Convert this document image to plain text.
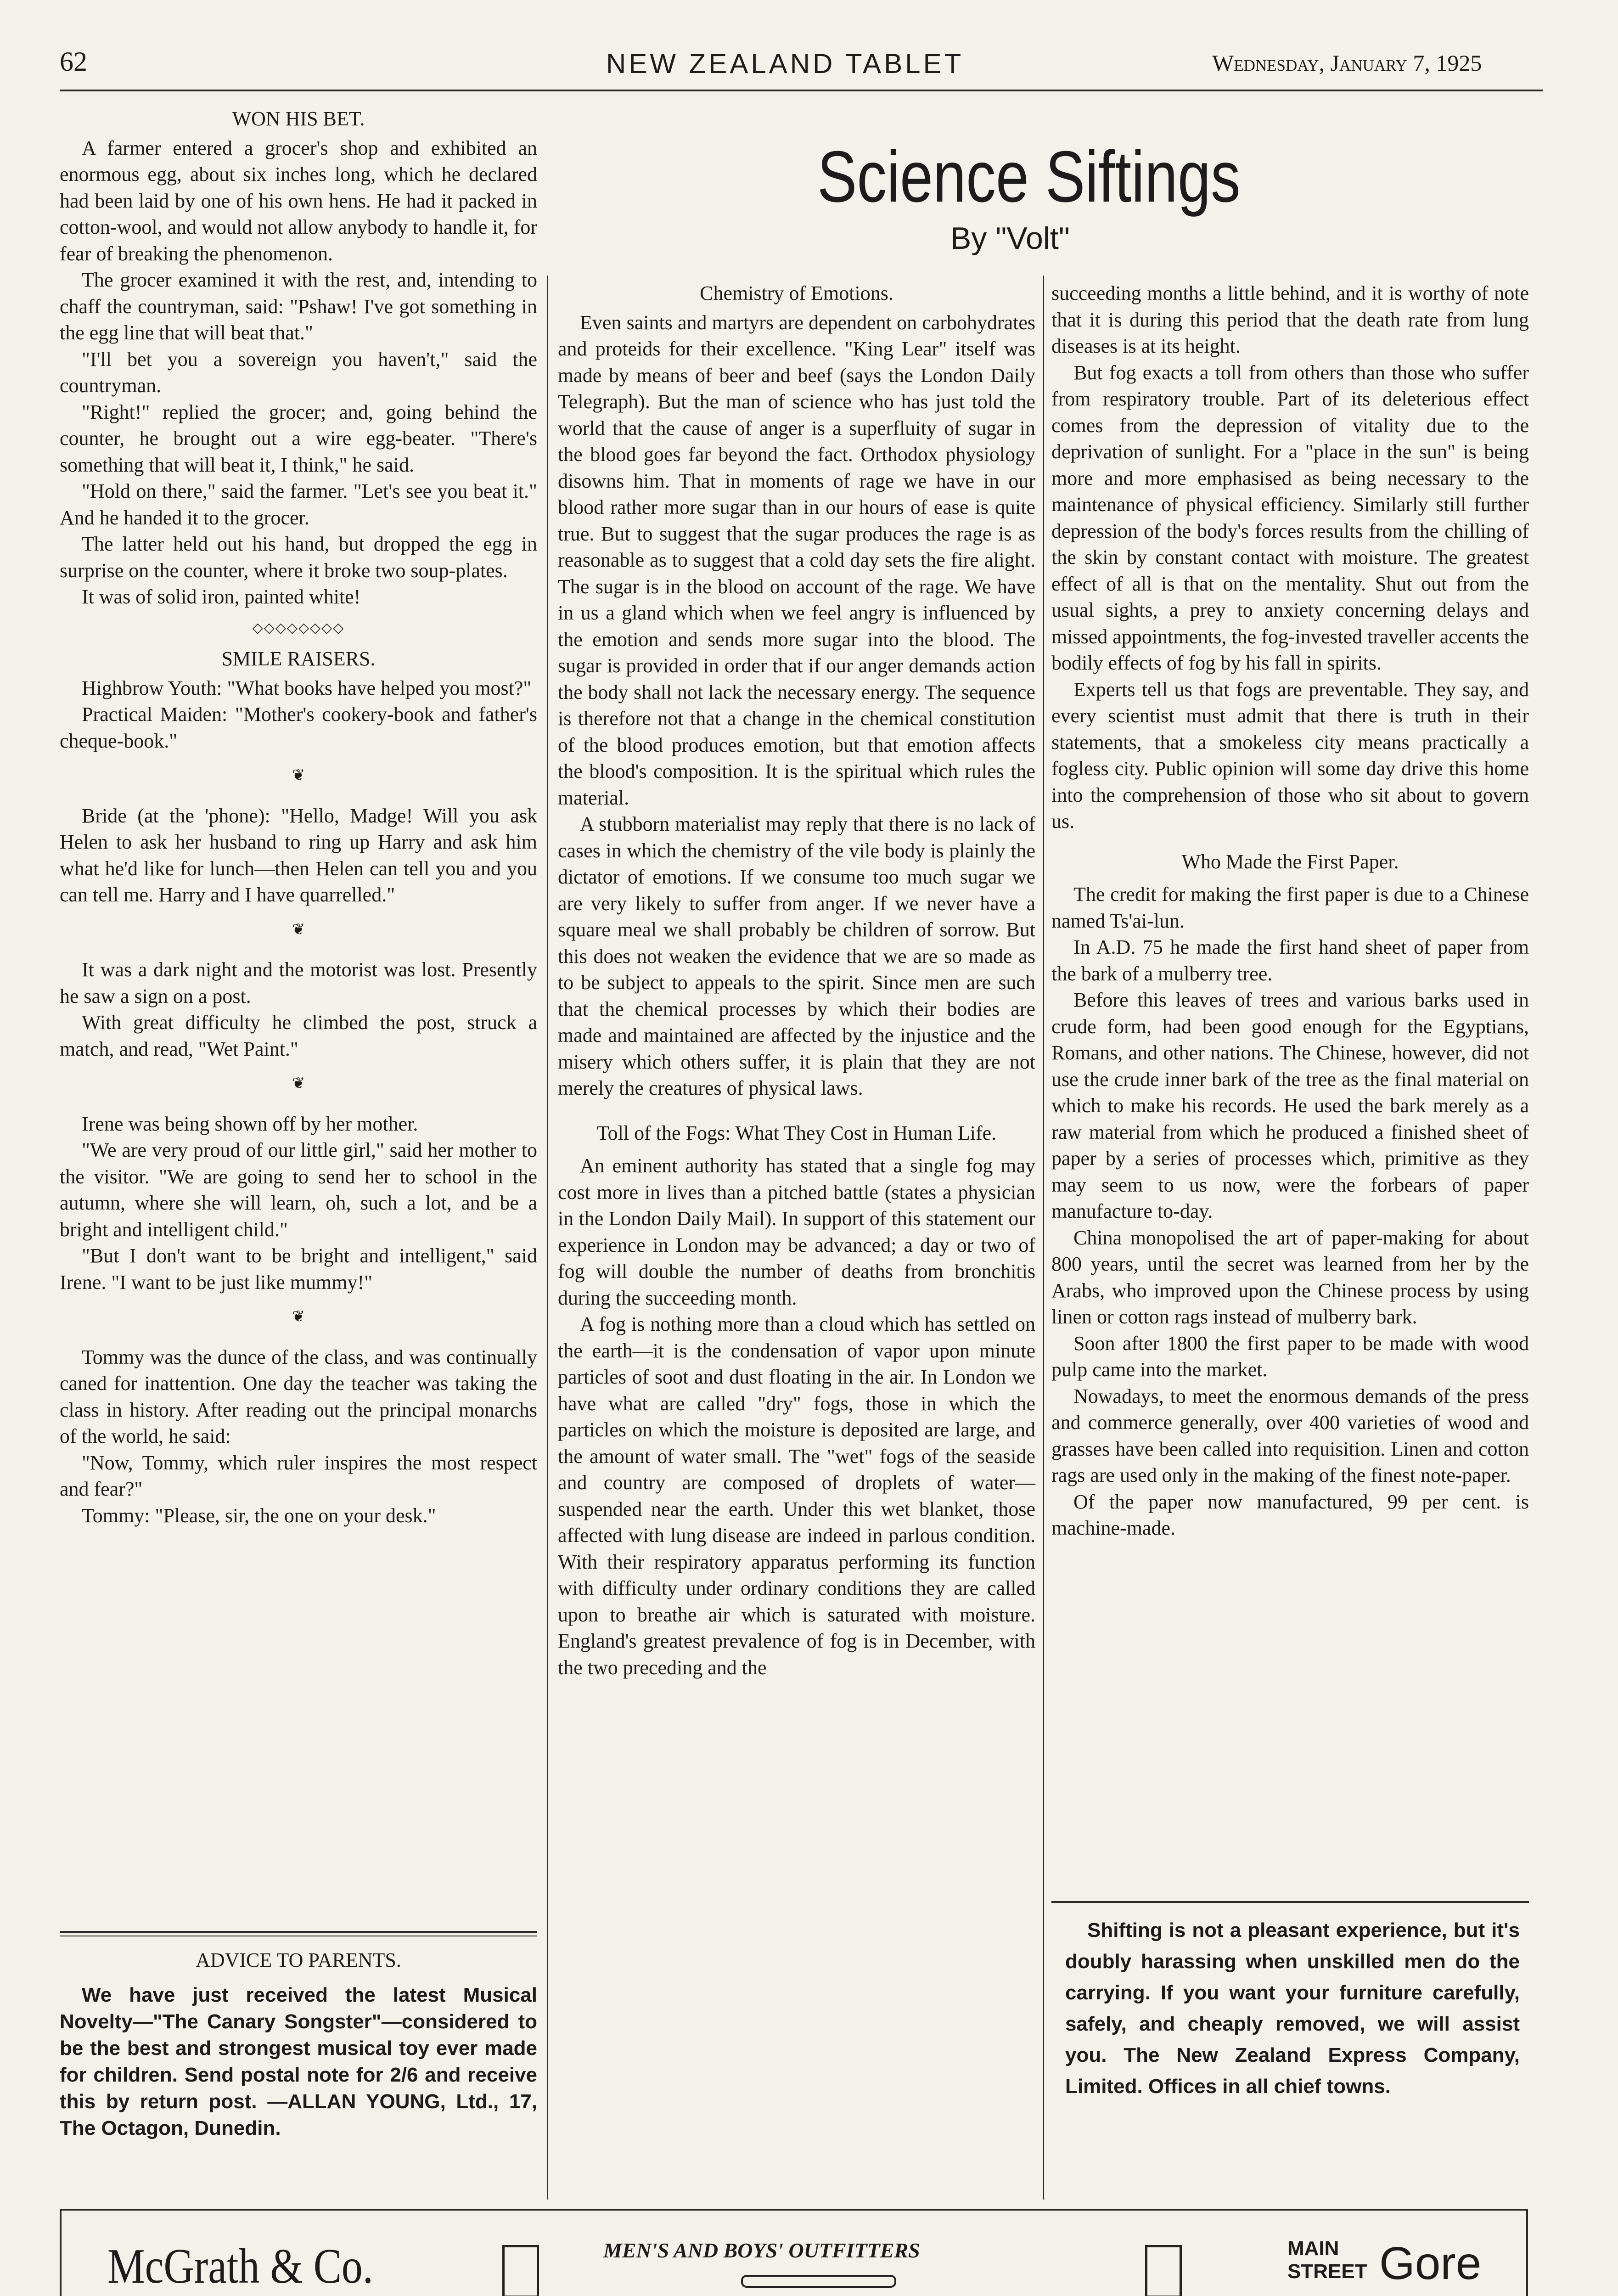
62	NEW ZEALAND TABLET	Wednesday, January 7, 1925

WON HIS BET.

A farmer entered a grocer's shop and exhibited an enormous egg, about six inches long, which he declared had been laid by one of his own hens. He had it packed in cotton-wool, and would not allow anybody to handle it, for fear of breaking the phenomenon.

The grocer examined it with the rest, and, intending to chaff the countryman, said: "Pshaw! I've got something in the egg line that will beat that."

"I'll bet you a sovereign you haven't," said the countryman.

"Right!" replied the grocer; and, going behind the counter, he brought out a wire egg-beater. "There's something that will beat it, I think," he said.

"Hold on there," said the farmer. "Let's see you beat it." And he handed it to the grocer.

The latter held out his hand, but dropped the egg in surprise on the counter, where it broke two soup-plates.

It was of solid iron, painted white!

◇◇◇◇◇◇◇◇

SMILE RAISERS.

Highbrow Youth: "What books have helped you most?"

Practical Maiden: "Mother's cookery-book and father's cheque-book."

❦

Bride (at the 'phone): "Hello, Madge! Will you ask Helen to ask her husband to ring up Harry and ask him what he'd like for lunch—then Helen can tell you and you can tell me. Harry and I have quarrelled."

❦

It was a dark night and the motorist was lost. Presently he saw a sign on a post.

With great difficulty he climbed the post, struck a match, and read, "Wet Paint."

❦

Irene was being shown off by her mother.

"We are very proud of our little girl," said her mother to the visitor. "We are going to send her to school in the autumn, where she will learn, oh, such a lot, and be a bright and intelligent child."

"But I don't want to be bright and intelligent," said Irene. "I want to be just like mummy!"

❦

Tommy was the dunce of the class, and was continually caned for inattention. One day the teacher was taking the class in history. After reading out the principal monarchs of the world, he said:

"Now, Tommy, which ruler inspires the most respect and fear?"

Tommy: "Please, sir, the one on your desk."

ADVICE TO PARENTS.

We have just received the latest Musical Novelty—"The Canary Songster"—considered to be the best and strongest musical toy ever made for children. Send postal note for 2/6 and receive this by return post. —ALLAN YOUNG, Ltd., 17, The Octagon, Dunedin.

Science Siftings
By "Volt"

Chemistry of Emotions.

Even saints and martyrs are dependent on carbohydrates and proteids for their excellence. "King Lear" itself was made by means of beer and beef (says the London Daily Telegraph). But the man of science who has just told the world that the cause of anger is a superfluity of sugar in the blood goes far beyond the fact. Orthodox physiology disowns him. That in moments of rage we have in our blood rather more sugar than in our hours of ease is quite true. But to suggest that the sugar produces the rage is as reasonable as to suggest that a cold day sets the fire alight. The sugar is in the blood on account of the rage. We have in us a gland which when we feel angry is influenced by the emotion and sends more sugar into the blood. The sugar is provided in order that if our anger demands action the body shall not lack the necessary energy. The sequence is therefore not that a change in the chemical constitution of the blood produces emotion, but that emotion affects the blood's composition. It is the spiritual which rules the material.

A stubborn materialist may reply that there is no lack of cases in which the chemistry of the vile body is plainly the dictator of emotions. If we consume too much sugar we are very likely to suffer from anger. If we never have a square meal we shall probably be children of sorrow. But this does not weaken the evidence that we are so made as to be subject to appeals to the spirit. Since men are such that the chemical processes by which their bodies are made and maintained are affected by the injustice and the misery which others suffer, it is plain that they are not merely the creatures of physical laws.

Toll of the Fogs: What They Cost in Human Life.

An eminent authority has stated that a single fog may cost more in lives than a pitched battle (states a physician in the London Daily Mail). In support of this statement our experience in London may be advanced; a day or two of fog will double the number of deaths from bronchitis during the succeeding month.

A fog is nothing more than a cloud which has settled on the earth—it is the condensation of vapor upon minute particles of soot and dust floating in the air. In London we have what are called "dry" fogs, those in which the particles on which the moisture is deposited are large, and the amount of water small. The "wet" fogs of the seaside and country are composed of droplets of water—suspended near the earth. Under this wet blanket, those affected with lung disease are indeed in parlous condition. With their respiratory apparatus performing its function with difficulty under ordinary conditions they are called upon to breathe air which is saturated with moisture. England's greatest prevalence of fog is in December, with the two preceding and the

succeeding months a little behind, and it is worthy of note that it is during this period that the death rate from lung diseases is at its height.

But fog exacts a toll from others than those who suffer from respiratory trouble. Part of its deleterious effect comes from the depression of vitality due to the deprivation of sunlight. For a "place in the sun" is being more and more emphasised as being necessary to the maintenance of physical efficiency. Similarly still further depression of the body's forces results from the chilling of the skin by constant contact with moisture. The greatest effect of all is that on the mentality. Shut out from the usual sights, a prey to anxiety concerning delays and missed appointments, the fog-invested traveller accents the bodily effects of fog by his fall in spirits.

Experts tell us that fogs are preventable. They say, and every scientist must admit that there is truth in their statements, that a smokeless city means practically a fogless city. Public opinion will some day drive this home into the comprehension of those who sit about to govern us.

Who Made the First Paper.

The credit for making the first paper is due to a Chinese named Ts'ai-lun.

In A.D. 75 he made the first hand sheet of paper from the bark of a mulberry tree.

Before this leaves of trees and various barks used in crude form, had been good enough for the Egyptians, Romans, and other nations. The Chinese, however, did not use the crude inner bark of the tree as the final material on which to make his records. He used the bark merely as a raw material from which he produced a finished sheet of paper by a series of processes which, primitive as they may seem to us now, were the forbears of paper manufacture to-day.

China monopolised the art of paper-making for about 800 years, until the secret was learned from her by the Arabs, who improved upon the Chinese process by using linen or cotton rags instead of mulberry bark.

Soon after 1800 the first paper to be made with wood pulp came into the market.

Nowadays, to meet the enormous demands of the press and commerce generally, over 400 varieties of wood and grasses have been called into requisition. Linen and cotton rags are used only in the making of the finest note-paper.

Of the paper now manufactured, 99 per cent. is machine-made.

Shifting is not a pleasant experience, but it's doubly harassing when unskilled men do the carrying. If you want your furniture carefully, safely, and cheaply removed, we will assist you. The New Zealand Express Company, Limited. Offices in all chief towns.

McGrath & Co.	MEN'S AND BOYS' OUTFITTERS	MAIN STREET Gore
